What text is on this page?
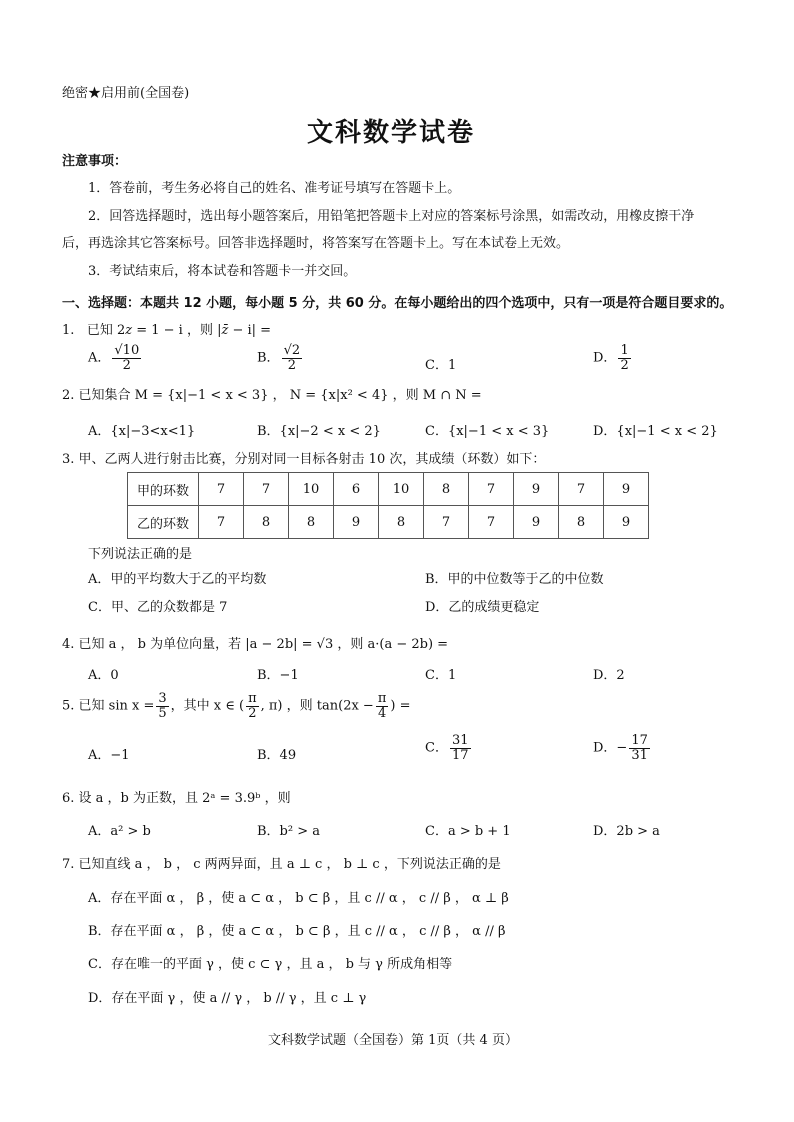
绝密★启用前(全国卷)
文科数学试卷
注意事项：
1．答卷前，考生务必将自己的姓名、准考证号填写在答题卡上。
2．回答选择题时，选出每小题答案后，用铅笔把答题卡上对应的答案标号涂黑，如需改动，用橡皮擦干净
后，再选涂其它答案标号。回答非选择题时，将答案写在答题卡上。写在本试卷上无效。
3．考试结束后，将本试卷和答题卡一并交回。
一、选择题：本题共 12 小题，每小题 5 分，共 60 分。在每小题给出的四个选项中，只有一项是符合题目要求的。
1. 已知 2z = 1 − i ，则 |z̄ − i| =
A． $\frac{√10}{2}$	B． $\frac{√2}{2}$	C．1	D． $\frac{1}{2}$
2. 已知集合 M = {x|−1 < x < 3} ， N = {x|x² < 4} ，则 M ∩ N =
A．{x|−3<x<1}	B．{x|−2 < x < 2}	C．{x|−1 < x < 3}	D．{x|−1 < x < 2}
3. 甲、乙两人进行射击比赛，分别对同一目标各射击 10 次，其成绩（环数）如下：
甲的环数	7	7	10	6	10	8	7	9	7	9
乙的环数	7	8	8	9	8	7	7	9	8	9
下列说法正确的是
A．甲的平均数大于乙的平均数	B．甲的中位数等于乙的中位数
C．甲、乙的众数都是 7	D．乙的成绩更稳定
4. 已知 a ， b 为单位向量，若 |a − 2b| = √3 ，则 a·(a − 2b) =
A．0	B．−1	C．1	D．2
5. 已知 $\sin x = \frac{3}{5}$ ，其中 x ∈ ( $\frac{\pi}{2}$ , π) ，则 $\tan(2x - \frac{\pi}{4}$ ) =
A．−1	B．49	C． $\frac{31}{17}$	D．− $\frac{17}{31}$
6. 设 a ，b 为正数，且 2ᵃ = 3.9ᵇ ，则
A．a² > b	B．b² > a	C．a > b + 1	D．2b > a
7. 已知直线 a ， b ， c 两两异面，且 a ⊥ c ， b ⊥ c ，下列说法正确的是
A．存在平面 α ， β ，使 a ⊂ α ， b ⊂ β ，且 c // α ， c // β ， α ⊥ β
B．存在平面 α ， β ，使 a ⊂ α ， b ⊂ β ，且 c // α ， c // β ， α // β
C．存在唯一的平面 γ ，使 c ⊂ γ ，且 a ， b 与 γ 所成角相等
D．存在平面 γ ，使 a // γ ， b // γ ，且 c ⊥ γ
文科数学试题（全国卷）第 1页（共 4 页）
